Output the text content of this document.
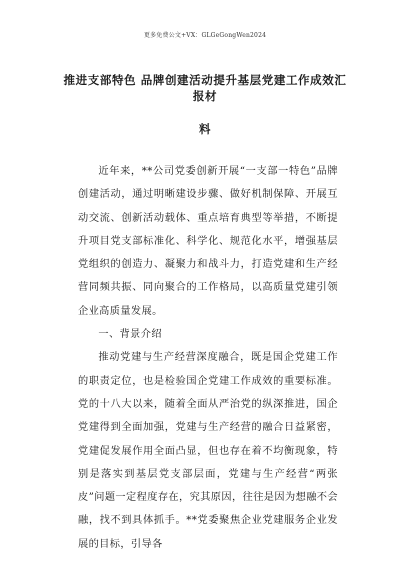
更多免费公文+VX：GLGeGongWen2024
推进支部特色 品牌创建活动提升基层党建工作成效汇报材
料

近年来，**公司党委创新开展“一支部一特色”品牌创建活动，通过明晰建设步骤、做好机制保障、开展互动交流、创新活动载体、重点培育典型等举措，不断提升项目党支部标准化、科学化、规范化水平，增强基层党组织的创造力、凝聚力和战斗力，打造党建和生产经营同频共振、同向聚合的工作格局，以高质量党建引领企业高质量发展。

一、背景介绍

推动党建与生产经营深度融合，既是国企党建工作的职责定位，也是检验国企党建工作成效的重要标准。党的十八大以来，随着全面从严治党的纵深推进，国企党建得到全面加强，党建与生产经营的融合日益紧密，党建促发展作用全面凸显，但也存在着不均衡现象，特别是落实到基层党支部层面，党建与生产经营“两张皮”问题一定程度存在，究其原因，往往是因为想融不会融，找不到具体抓手。**党委聚焦企业党建服务企业发展的目标，引导各
